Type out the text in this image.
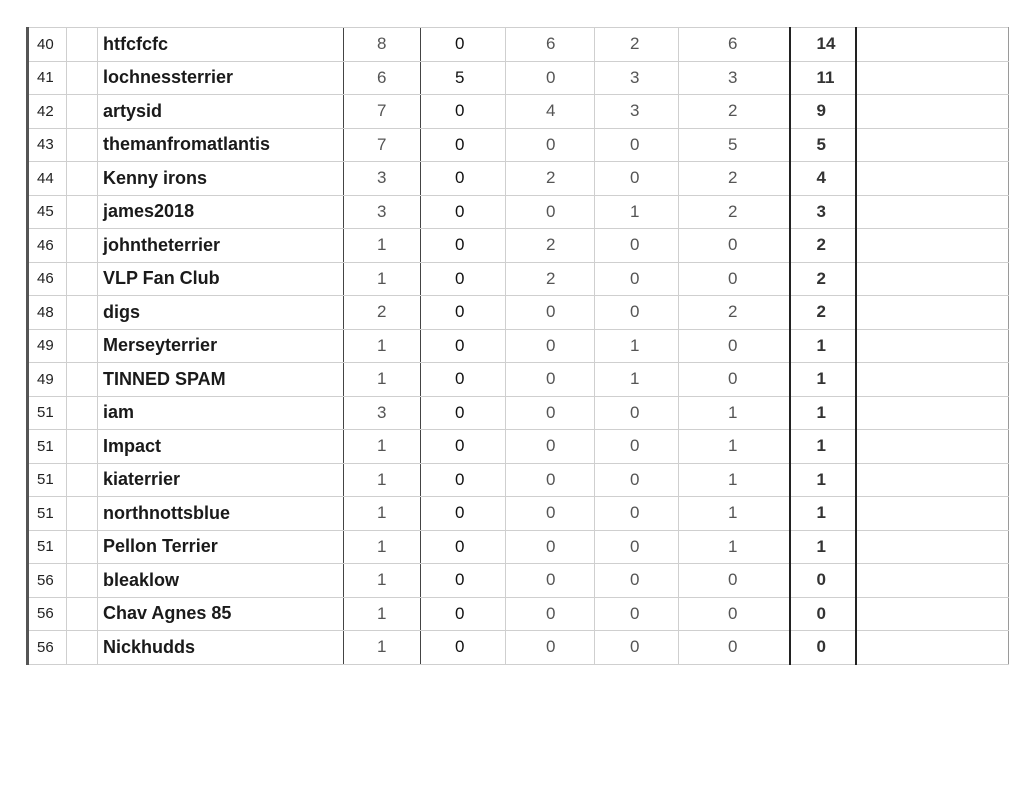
40		htfcfcfc	8	0	6	2	6	14	
41		lochnessterrier	6	5	0	3	3	11	
42		artysid	7	0	4	3	2	9	
43		themanfromatlantis	7	0	0	0	5	5	
44		Kenny irons	3	0	2	0	2	4	
45		james2018	3	0	0	1	2	3	
46		johntheterrier	1	0	2	0	0	2	
46		VLP Fan Club	1	0	2	0	0	2	
48		digs	2	0	0	0	2	2	
49		Merseyterrier	1	0	0	1	0	1	
49		TINNED SPAM	1	0	0	1	0	1	
51		iam	3	0	0	0	1	1	
51		Impact	1	0	0	0	1	1	
51		kiaterrier	1	0	0	0	1	1	
51		northnottsblue	1	0	0	0	1	1	
51		Pellon Terrier	1	0	0	0	1	1	
56		bleaklow	1	0	0	0	0	0	
56		Chav Agnes 85	1	0	0	0	0	0	
56		Nickhudds	1	0	0	0	0	0	
